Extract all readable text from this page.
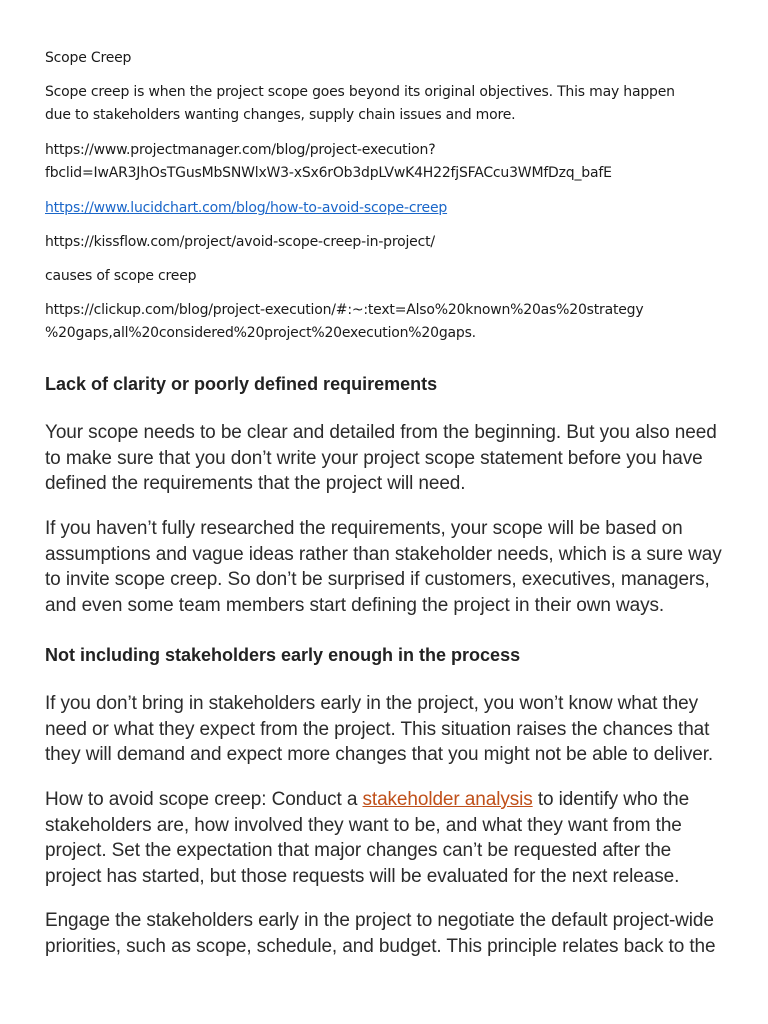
Scope Creep

Scope creep is when the project scope goes beyond its original objectives. This may happen
due to stakeholders wanting changes, supply chain issues and more.

https://www.projectmanager.com/blog/project-execution?
fbclid=IwAR3JhOsTGusMbSNWlxW3-xSx6rOb3dpLVwK4H22fjSFACcu3WMfDzq_bafE

https://www.lucidchart.com/blog/how-to-avoid-scope-creep

https://kissflow.com/project/avoid-scope-creep-in-project/

causes of scope creep

https://clickup.com/blog/project-execution/#:~:text=Also%20known%20as%20strategy
%20gaps,all%20considered%20project%20execution%20gaps.

Lack of clarity or poorly defined requirements

Your scope needs to be clear and detailed from the beginning. But you also need
to make sure that you don’t write your project scope statement before you have
defined the requirements that the project will need.

If you haven’t fully researched the requirements, your scope will be based on
assumptions and vague ideas rather than stakeholder needs, which is a sure way
to invite scope creep. So don’t be surprised if customers, executives, managers,
and even some team members start defining the project in their own ways.

Not including stakeholders early enough in the process

If you don’t bring in stakeholders early in the project, you won’t know what they
need or what they expect from the project. This situation raises the chances that
they will demand and expect more changes that you might not be able to deliver.

How to avoid scope creep: Conduct a stakeholder analysis to identify who the
stakeholders are, how involved they want to be, and what they want from the
project. Set the expectation that major changes can’t be requested after the
project has started, but those requests will be evaluated for the next release.

Engage the stakeholders early in the project to negotiate the default project-wide
priorities, such as scope, schedule, and budget. This principle relates back to the
